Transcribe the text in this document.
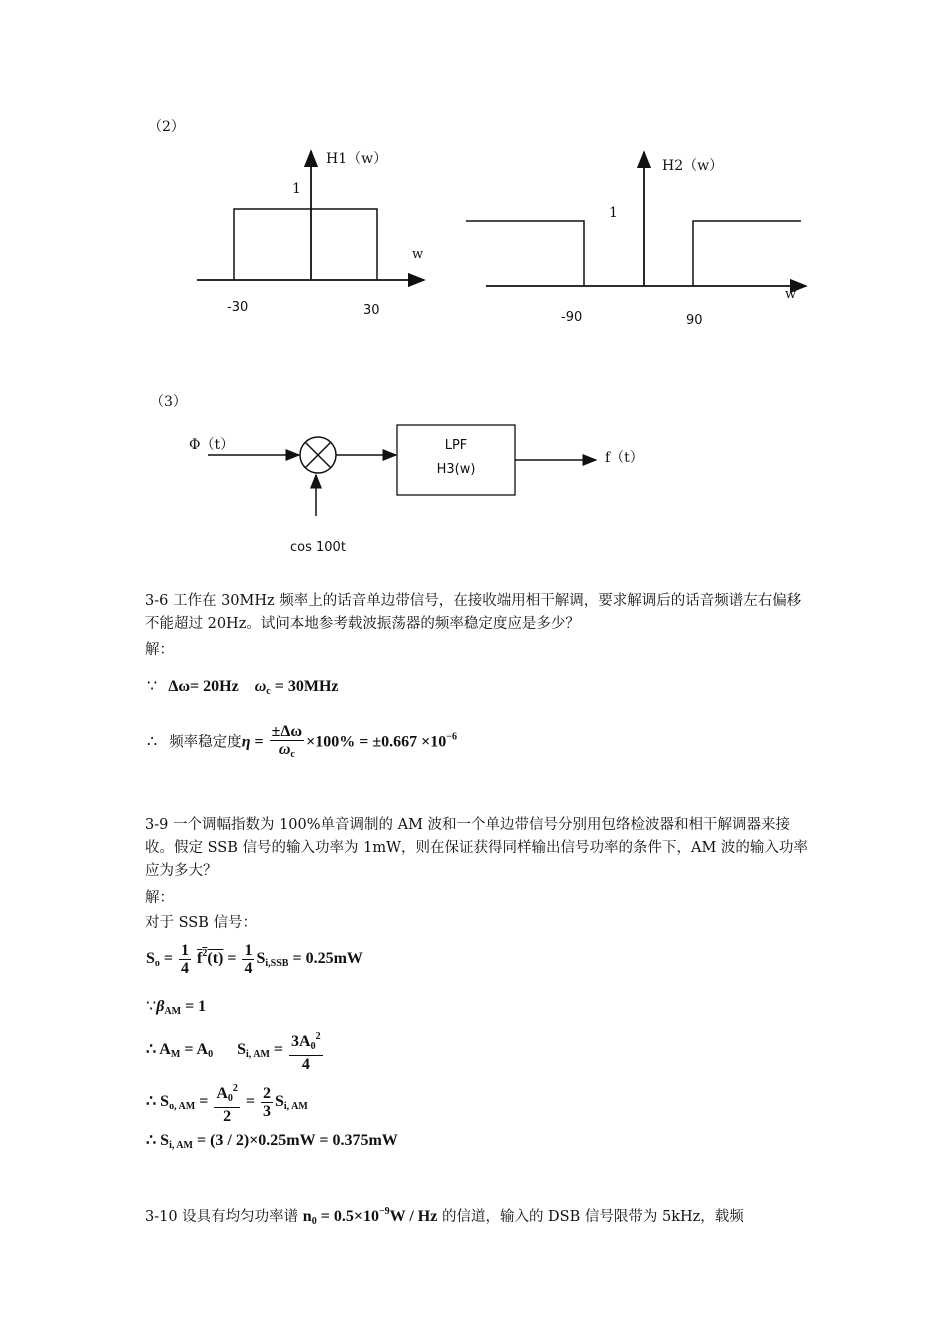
（2）
H1（w）
1
w
-30	30
H2（w）
1
w
-90	90
（3）
Φ（t）	LPF
H3(w)
f（t）
cos 100t
3-6 工作在 30MHz 频率上的话音单边带信号，在接收端用相干解调，要求解调后的话音频谱左右偏移不能超过 20Hz。试问本地参考载波振荡器的频率稳定度应是多少？
解：
∵ Δω= 20Hz $\omega_c = 30MHz$
∴ 频率稳定度$\eta = \frac{\pm\Delta\omega}{\omega_c} \times 100\% = \pm 0.667 \times 10^{-6}$
3-9 一个调幅指数为 100%单音调制的 AM 波和一个单边带信号分别用包络检波器和相干解调器来接收。假定 SSB 信号的输入功率为 1mW，则在保证获得同样输出信号功率的条件下，AM 波的输入功率应为多大？
解：
对于 SSB 信号：
$S_o = \frac{1}{4} f^2(t) = \frac{1}{4} S_{i,SSB} = 0.25mW$
$\because\beta_{AM} = 1$
∴ $A_M = A_0$ $S_{i, AM} = \frac{3A_0^2}{4}$
∴ $S_{o, AM} = \frac{A_0^2}{2} = \frac{2}{3} S_{i, AM}$
∴ $S_{i, AM} = (3 / 2)\times 0.25mW = 0.375mW$
3-10 设具有均匀功率谱 $n_0 = 0.5\times 10^{-9}W / Hz$ 的信道，输入的 DSB 信号限带为 5kHz，载频
